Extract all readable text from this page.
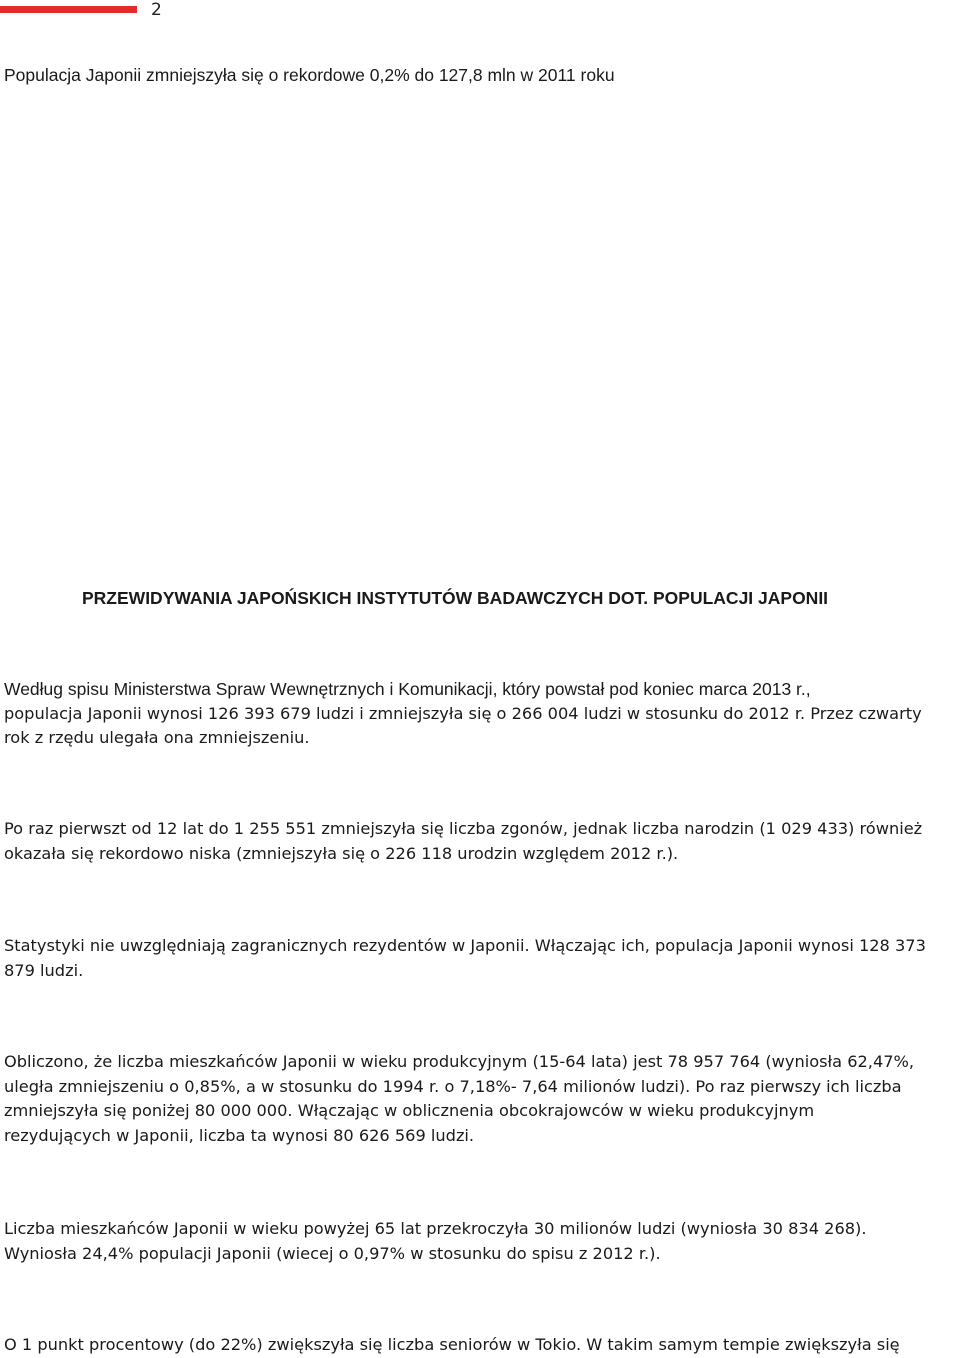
2
Populacja Japonii zmniejszyła się o rekordowe 0,2% do 127,8 mln w 2011 roku
PRZEWIDYWANIA JAPOŃSKICH INSTYTUTÓW BADAWCZYCH DOT. POPULACJI JAPONII

Według spisu Ministerstwa Spraw Wewnętrznych i Komunikacji, który powstał pod koniec marca 2013 r.,
populacja Japonii wynosi 126 393 679 ludzi i zmniejszyła się o 266 004 ludzi w stosunku do 2012 r. Przez czwarty
rok z rzędu ulegała ona zmniejszeniu.

Po raz pierwszt od 12 lat do 1 255 551 zmniejszyła się liczba zgonów, jednak liczba narodzin (1 029 433) również
okazała się rekordowo niska (zmniejszyła się o 226 118 urodzin względem 2012 r.).

Statystyki nie uwzględniają zagranicznych rezydentów w Japonii. Włączając ich, populacja Japonii wynosi 128 373
879 ludzi.

Obliczono, że liczba mieszkańców Japonii w wieku produkcyjnym (15-64 lata) jest 78 957 764 (wyniosła 62,47%,
uległa zmniejszeniu o 0,85%, a w stosunku do 1994 r. o 7,18%- 7,64 milionów ludzi). Po raz pierwszy ich liczba
zmniejszyła się poniżej 80 000 000. Włączając w oblicznenia obcokrajowców w wieku produkcyjnym
rezydujących w Japonii, liczba ta wynosi 80 626 569 ludzi.

Liczba mieszkańców Japonii w wieku powyżej 65 lat przekroczyła 30 milionów ludzi (wyniosła 30 834 268).
Wyniosła 24,4% populacji Japonii (wiecej o 0,97% w stosunku do spisu z 2012 r.).

O 1 punkt procentowy (do 22%) zwiększyła się liczba seniorów w Tokio. W takim samym tempie zwiększyła się
